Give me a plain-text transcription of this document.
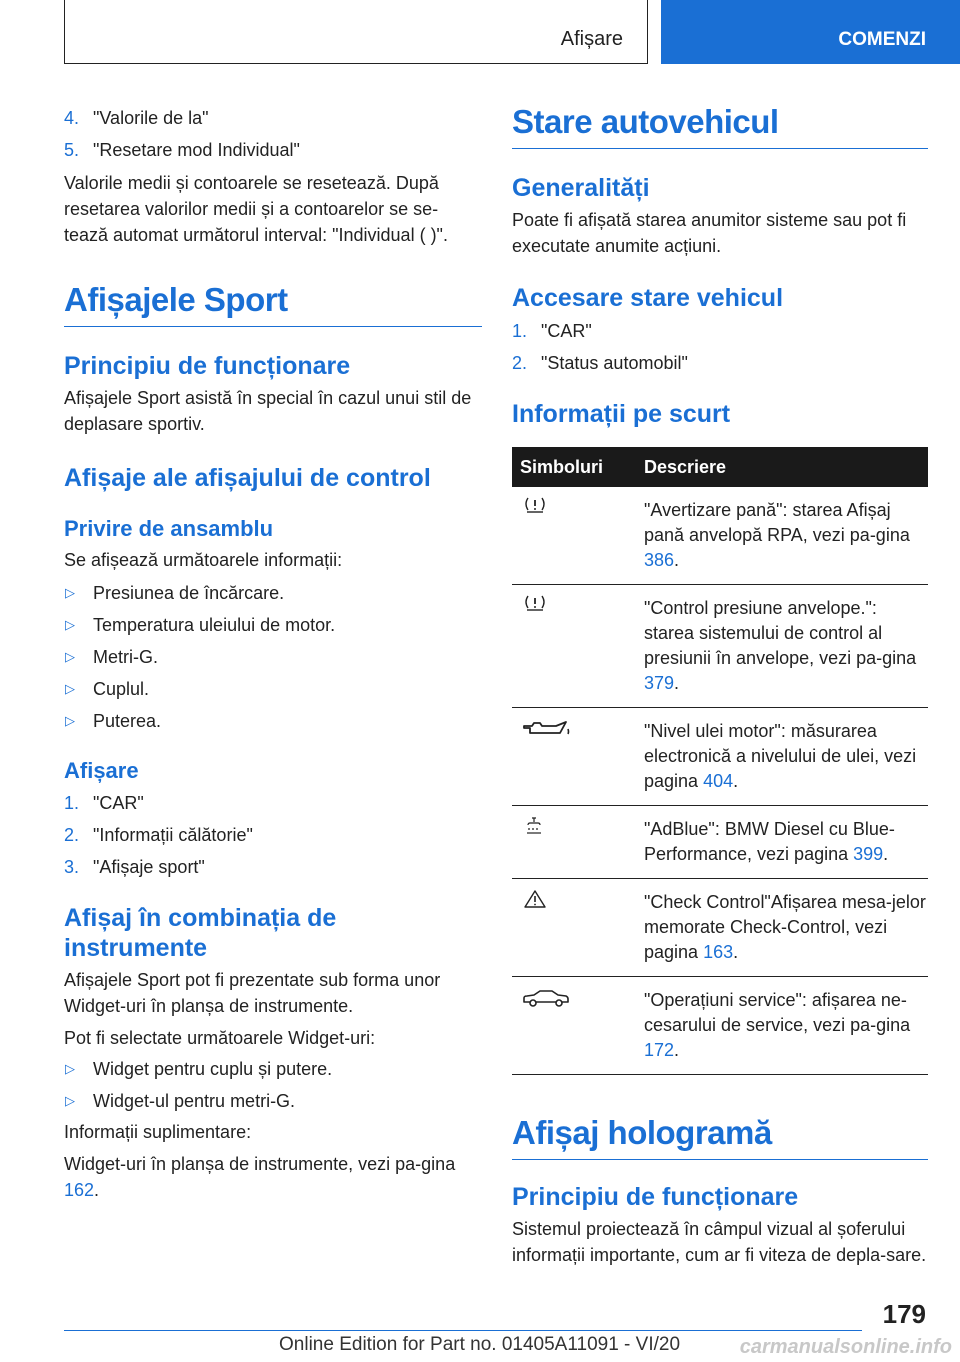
Afișare	COMENZI
4. "Valorile de la"
5. "Resetare mod Individual"

Valorile medii și contoarele se resetează. După resetarea valorilor medii și a contoarelor se se-tează automat următorul interval: "Individual ( )".

Afișajele Sport
Principiu de funcționare

Afișajele Sport asistă în special în cazul unui stil de deplasare sportiv.

Afișaje ale afișajului de control
Privire de ansamblu

Se afișează următoarele informații:

▷ Presiunea de încărcare.
▷ Temperatura uleiului de motor.
▷ Metri-G.
▷ Cuplul.
▷ Puterea.
Afișare
1. "CAR"
2. "Informații călătorie"
3. "Afișaje sport"
Afișaj în combinația de instrumente

Afișajele Sport pot fi prezentate sub forma unor Widget-uri în planșa de instrumente.

Pot fi selectate următoarele Widget-uri:

▷ Widget pentru cuplu și putere.
▷ Widget-ul pentru metri-G.

Informații suplimentare:

Widget-uri în planșa de instrumente, vezi pa-gina 162.

Stare autovehicul
Generalități

Poate fi afișată starea anumitor sisteme sau pot fi executate anumite acțiuni.

Accesare stare vehicul
1. "CAR"
2. "Status automobil"
Informații pe scurt
Simboluri	Descriere
	"Avertizare pană": starea Afișaj pană anvelopă RPA, vezi pa-gina 386.
	"Control presiune anvelope.": starea sistemului de control al presiunii în anvelope, vezi pa-gina 379.
	"Nivel ulei motor": măsurarea electronică a nivelului de ulei, vezi pagina 404.
	"AdBlue": BMW Diesel cu Blue-Performance, vezi pagina 399.
	"Check Control"Afișarea mesa-jelor memorate Check-Control, vezi pagina 163.
	"Operațiuni service": afișarea ne-cesarului de service, vezi pa-gina 172.
Afișaj hologramă
Principiu de funcționare

Sistemul proiectează în câmpul vizual al șoferului informații importante, cum ar fi viteza de depla-sare.

179
Online Edition for Part no. 01405A11091 - VI/20	carmanualsonline.info
